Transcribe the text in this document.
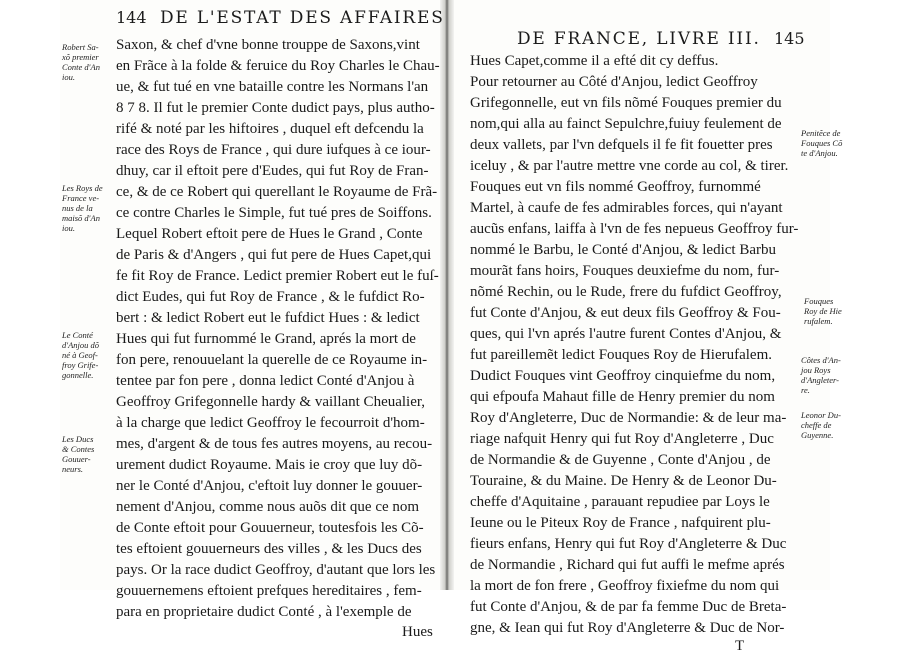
144 DE L'ESTAT DES AFFAIRES
Saxon, & chef d'vne bonne trouppe de Saxons,vint
en Frãce à la folde & feruice du Roy Charles le Chau-
ue, & fut tué en vne bataille contre les Normans l'an
8 7 8. Il fut le premier Conte dudict pays, plus autho-
rifé & noté par les hiftoires , duquel eft defcendu la
race des Roys de France , qui dure iufques à ce iour-
dhuy, car il eftoit pere d'Eudes, qui fut Roy de Fran-
ce, & de ce Robert qui querellant le Royaume de Frã-
ce contre Charles le Simple, fut tué pres de Soiffons.
Lequel Robert eftoit pere de Hues le Grand , Conte
de Paris & d'Angers , qui fut pere de Hues Capet,qui
fe fit Roy de France. Ledict premier Robert eut le fuſ-
dict Eudes, qui fut Roy de France , & le fufdict Ro-
bert : & ledict Robert eut le fufdict Hues : & ledict
Hues qui fut furnommé le Grand, aprés la mort de
fon pere, renouuelant la querelle de ce Royaume in-
tentee par fon pere , donna ledict Conté d'Anjou à
Geoffroy Grifegonnelle hardy & vaillant Cheualier,
à la charge que ledict Geoffroy le fecourroit d'hom-
mes, d'argent & de tous fes autres moyens, au recou-
urement dudict Royaume. Mais ie croy que luy dõ-
ner le Conté d'Anjou, c'eftoit luy donner le gouuer-
nement d'Anjou, comme nous auõs dit que ce nom
de Conte eftoit pour Gouuerneur, toutesfois les Cõ-
tes eftoient gouuerneurs des villes , & les Ducs des
pays. Or la race dudict Geoffroy, d'autant que lors les
gouuernemens eftoient prefques hereditaires , fem-
para en proprietaire dudict Conté , à l'exemple de
Hues
Robert Sa-
xõ premier
Conte d'An
iou.
Les Roys de
France ve-
nus de la
maisõ d'An
iou.
Le Conté
d'Anjou dõ
né à Geof-
froy Grife-
gonnelle.
Les Ducs
& Contes
Gouuer-
neurs.
DE FRANCE, LIVRE III. 145
Hues Capet,comme il a efté dit cy deffus.
Pour retourner au Côté d'Anjou, ledict Geoffroy
Grifegonnelle, eut vn fils nõmé Fouques premier du
nom,qui alla au fainct Sepulchre,fuiuy feulement de
deux vallets, par l'vn defquels il fe fit fouetter pres
iceluy , & par l'autre mettre vne corde au col, & tirer.
Fouques eut vn fils nommé Geoffroy, furnommé
Martel, à caufe de fes admirables forces, qui n'ayant
aucũs enfans, laiffa à l'vn de fes nepueus Geoffroy fur-
nommé le Barbu, le Conté d'Anjou, & ledict Barbu
mourãt fans hoirs, Fouques deuxiefme du nom, fur-
nõmé Rechin, ou le Rude, frere du fufdict Geoffroy,
fut Conte d'Anjou, & eut deux fils Geoffroy & Fou-
ques, qui l'vn aprés l'autre furent Contes d'Anjou, &
fut pareillemẽt ledict Fouques Roy de Hierufalem.
Dudict Fouques vint Geoffroy cinquiefme du nom,
qui efpoufa Mahaut fille de Henry premier du nom
Roy d'Angleterre, Duc de Normandie: & de leur ma-
riage nafquit Henry qui fut Roy d'Angleterre , Duc
de Normandie & de Guyenne , Conte d'Anjou , de
Touraine, & du Maine. De Henry & de Leonor Du-
cheffe d'Aquitaine , parauant repudiee par Loys le
Ieune ou le Piteux Roy de France , nafquirent plu-
fieurs enfans, Henry qui fut Roy d'Angleterre & Duc
de Normandie , Richard qui fut auffi le mefme aprés
la mort de fon frere , Geoffroy fixiefme du nom qui
fut Conte d'Anjou, & de par fa femme Duc de Breta-
gne, & Iean qui fut Roy d'Angleterre & Duc de Nor-
T
Penitẽce de
Fouques Cõ
te d'Anjou.
Fouques
Roy de Hie
rufalem.
Côtes d'An-
jou Roys
d'Angleter-
re.
Leonor Du-
cheffe de
Guyenne.
